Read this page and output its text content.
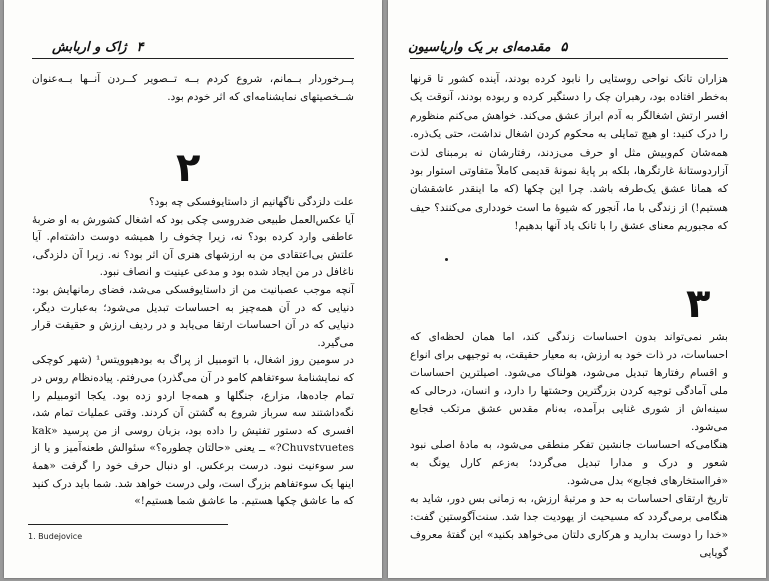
۴ژاک و اربابش
پــرخوردار بــمانم، شروع کردم بــه تــصویر کــردن آنــها بــه‌عنوان شــخصیتهای نمایشنامه‌ای که اثر خودم بود.
۲
علت دلزدگی ناگهانیم از داستایوفسکی چه بود؟
آیا عکس‌العمل طبیعی ضدروسی چکی بود که اشغال کشورش به او ضربهٔ عاطفی وارد کرده بود؟ نه، زیرا چخوف را همیشه دوست داشته‌ام. آیا علتش بی‌اعتقادی من به ارزشهای هنری آن اثر بود؟ نه. زیرا آن دلزدگی، ناغافل در من ایجاد شده بود و مدعی عینیت و انصاف نبود.
آنچه موجب عصبانیت من از داستایوفسکی می‌شد، فضای رمانهایش بود: دنیایی که در آن همه‌چیز به احساسات تبدیل می‌شود؛ به‌عبارت دیگر، دنیایی که در آن احساسات ارتقا می‌یابد و در ردیف ارزش و حقیقت قرار می‌گیرد.
در سومین روز اشغال، با اتومبیل از پراگ به بودهیوویتس¹ (شهر کوچکی که نمایشنامهٔ سوء‌تفاهم کامو در آن می‌گذرد) می‌رفتم. پیاده‌نظام روس در تمام جاده‌ها، مزارع، جنگلها و همه‌جا اردو زده بود. یکجا اتومبیلم را نگه‌داشتند سه سرباز شروع به گشتن آن کردند. وقتی عملیات تمام شد، افسری که دستور تفتیش را داده بود، بزبان روسی از من پرسید «kak Chuvstvuetes?» ــ یعنی «حالتان چطوره؟» سئوالش طعنه‌آمیز و یا از سر سوءنیت نبود. درست برعکس. او دنبال حرف خود را گرفت «همهٔ اینها یک سوء‌تفاهم بزرگ است، ولی درست خواهد شد. شما باید درک کنید که ما عاشق چکها هستیم. ما عاشق شما هستیم!»
1. Budejovice
۵مقدمه‌ای بر یک واریاسیون
هزاران تانک نواحی روستایی را نابود کرده بودند، آینده کشور تا قرنها به‌خطر افتاده بود، رهبران چک را دستگیر کرده و ربوده بودند، آنوقت یک افسر ارتش اشغالگر به آدم ابراز عشق می‌کند. خواهش می‌کنم منظورم را درک کنید: او هیچ تمایلی به محکوم کردن اشغال نداشت، حتی یک‌ذره. همه‌شان کم‌وبیش مثل او حرف می‌زدند، رفتارشان نه برمبنای لذت آزاردوستانهٔ غارتگرها، بلکه بر پایهٔ نمونهٔ قدیمی کاملاً متفاوتی استوار بود که همانا عشق یک‌طرفه باشد. چرا این چکها (که ما اینقدر عاشقشان هستیم!) از زندگی با ما، آنجور که شیوهٔ ما است خودداری می‌کنند؟ حیف که مجبوریم معنای عشق را با تانک یاد آنها بدهیم!
۳
بشر نمی‌تواند بدون احساسات زندگی کند، اما همان لحظه‌ای که احساسات، در ذات خود به ارزش، به معیار حقیقت، به توجیهی برای انواع و اقسام رفتارها تبدیل می‌شود، هولناک می‌شود. اصیلترین احساسات ملی آمادگی توجیه کردن بزرگترین وحشتها را دارد، و انسان، درحالی که سینه‌اش از شوری غنایی برآمده، به‌نام مقدس عشق مرتکب فجایع می‌شود.
هنگامی‌که احساسات جانشین تفکر منطقی می‌شود، به مادهٔ اصلی نبود شعور و درک و مدارا تبدیل می‌گردد؛ به‌زعم کارل یونگ به «فرااستخارهای فجایع» بدل می‌شود.
تاریخ ارتقای احساسات به حد و مرتبهٔ ارزش، به زمانی بس دور، شاید به هنگامی برمی‌گردد که مسیحیت از یهودیت جدا شد. سنت‌آگوستین گفت: «خدا را دوست بدارید و هرکاری دلتان می‌خواهد بکنید» این گفتهٔ معروف گویایی
